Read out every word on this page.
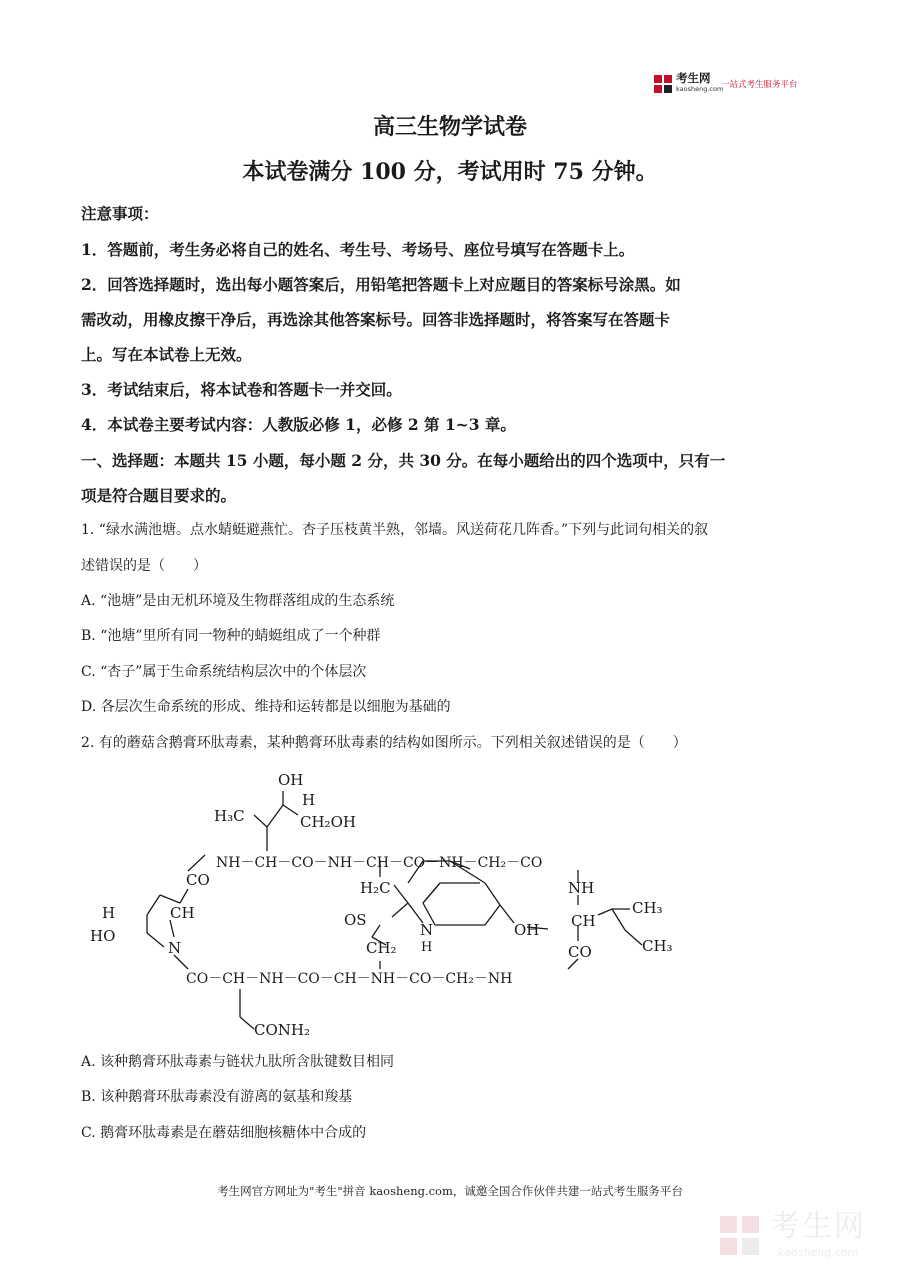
考生网
kaosheng.com
一站式考生服务平台
高三生物学试卷
本试卷满分 100 分，考试用时 75 分钟。
注意事项：
1．答题前，考生务必将自己的姓名、考生号、考场号、座位号填写在答题卡上。
2．回答选择题时，选出每小题答案后，用铅笔把答题卡上对应题目的答案标号涂黑。如
需改动，用橡皮擦干净后，再选涂其他答案标号。回答非选择题时，将答案写在答题卡
上。写在本试卷上无效。
3．考试结束后，将本试卷和答题卡一并交回。
4．本试卷主要考试内容：人教版必修 1，必修 2 第 1~3 章。
一、选择题：本题共 15 小题，每小题 2 分，共 30 分。在每小题给出的四个选项中，只有一
项是符合题目要求的。
1. “绿水满池塘。点水蜻蜓避燕忙。杏子压枝黄半熟，邻墙。风送荷花几阵香。”下列与此词句相关的叙
述错误的是（　　）
A. “池塘”是由无机环境及生物群落组成的生态系统
B. “池塘”里所有同一物种的蜻蜓组成了一个种群
C. “杏子”属于生命系统结构层次中的个体层次
D. 各层次生命系统的形成、维持和运转都是以细胞为基础的
2. 有的蘑菇含鹅膏环肽毒素，某种鹅膏环肽毒素的结构如图所示。下列相关叙述错误的是（　　）
OH
H
H₃C	CH₂OH
NH－CH－CO－NH－CH－CO－NH－CH₂－CO
CO	H₂C	NH
H	CH	OS	CH
CH₃
HO	OH
N
H
CH₂
N	CO	CH₃
CO－CH－NH－CO－CH－NH－CO－CH₂－NH
CONH₂
A. 该种鹅膏环肽毒素与链状九肽所含肽键数目相同
B. 该种鹅膏环肽毒素没有游离的氨基和羧基
C. 鹅膏环肽毒素是在蘑菇细胞核糖体中合成的
考生网官方网址为"考生"拼音 kaosheng.com，诚邀全国合作伙伴共建一站式考生服务平台
考生网
kaosheng.com
